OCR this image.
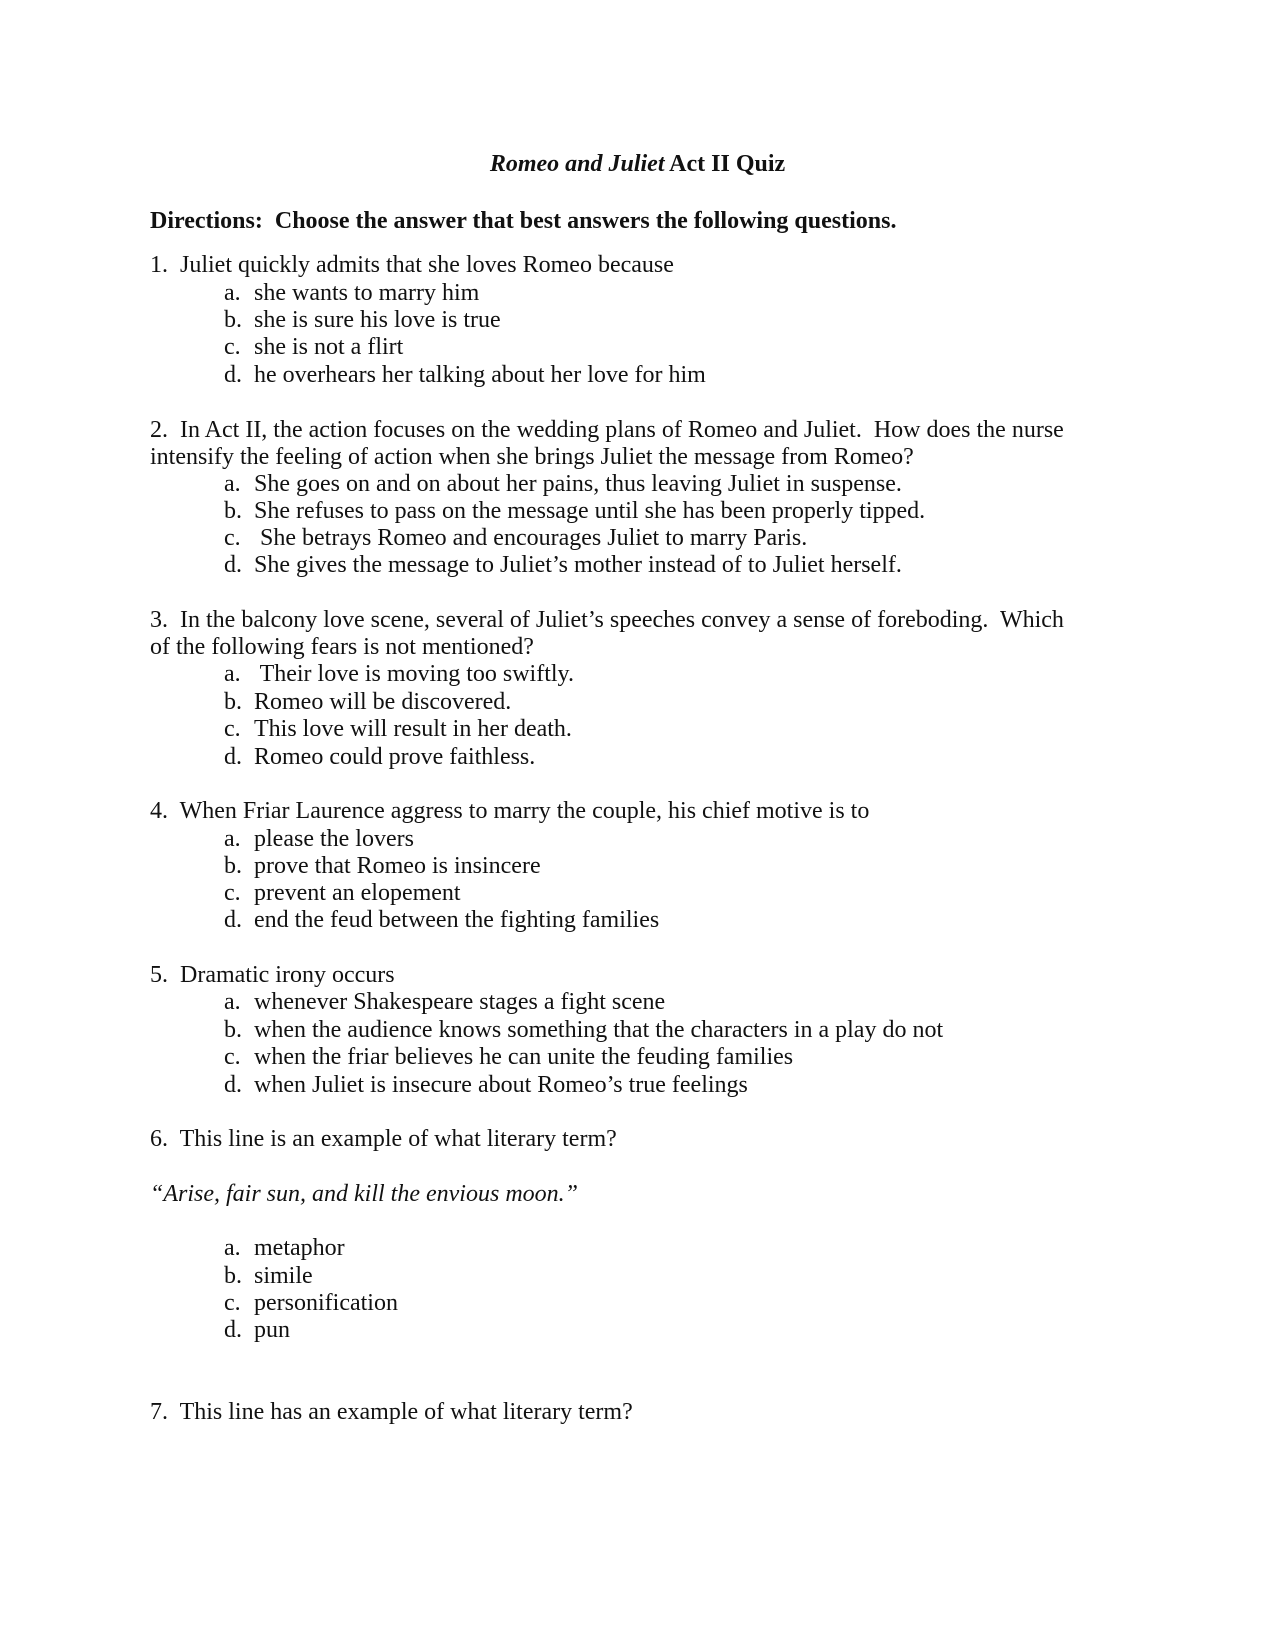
Romeo and Juliet Act II Quiz
Directions:  Choose the answer that best answers the following questions.
1. Juliet quickly admits that she loves Romeo because
a. she wants to marry him
b. she is sure his love is true
c. she is not a flirt
d. he overhears her talking about her love for him
2. In Act II, the action focuses on the wedding plans of Romeo and Juliet.  How does the nurse
intensify the feeling of action when she brings Juliet the message from Romeo?
a. She goes on and on about her pains, thus leaving Juliet in suspense.
b. She refuses to pass on the message until she has been properly tipped.
c. She betrays Romeo and encourages Juliet to marry Paris.
d. She gives the message to Juliet’s mother instead of to Juliet herself.
3. In the balcony love scene, several of Juliet’s speeches convey a sense of foreboding.  Which
of the following fears is not mentioned?
a. Their love is moving too swiftly.
b. Romeo will be discovered.
c. This love will result in her death.
d. Romeo could prove faithless.
4. When Friar Laurence aggress to marry the couple, his chief motive is to
a. please the lovers
b. prove that Romeo is insincere
c. prevent an elopement
d. end the feud between the fighting families
5. Dramatic irony occurs
a. whenever Shakespeare stages a fight scene
b. when the audience knows something that the characters in a play do not
c. when the friar believes he can unite the feuding families
d. when Juliet is insecure about Romeo’s true feelings
6. This line is an example of what literary term?
“Arise, fair sun, and kill the envious moon.”
a. metaphor
b. simile
c. personification
d. pun
7. This line has an example of what literary term?
